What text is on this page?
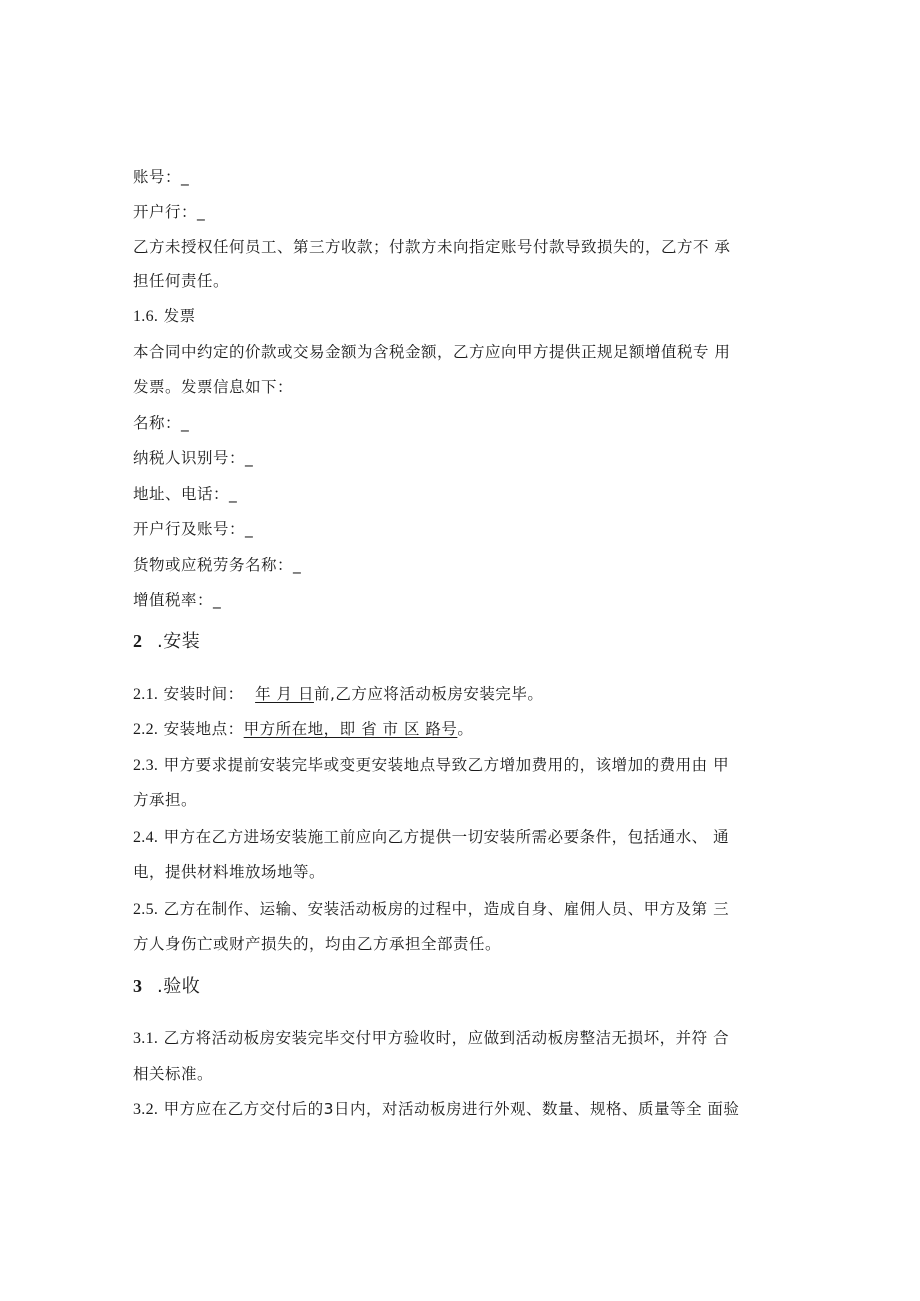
账号：_
开户行：_
乙方未授权任何员工、第三方收款；付款方未向指定账号付款导致损失的，乙方不 承
担任何责任。
1.6. 发票
本合同中约定的价款或交易金额为含税金额，乙方应向甲方提供正规足额增值税专 用
发票。发票信息如下：
名称：_
纳税人识别号：_
地址、电话：_
开户行及账号：_
货物或应税劳务名称：_
增值税率：_
2 .安装
2.1. 安装时间： 年 月 日前,乙方应将活动板房安装完毕。
2.2. 安装地点：甲方所在地，即 省 市 区 路号。
2.3. 甲方要求提前安装完毕或变更安装地点导致乙方增加费用的，该增加的费用由 甲
方承担。
2.4. 甲方在乙方进场安装施工前应向乙方提供一切安装所需必要条件，包括通水、 通
电，提供材料堆放场地等。
2.5. 乙方在制作、运输、安装活动板房的过程中，造成自身、雇佣人员、甲方及第 三
方人身伤亡或财产损失的，均由乙方承担全部责任。
3 .验收
3.1. 乙方将活动板房安装完毕交付甲方验收时，应做到活动板房整洁无损坏，并符 合
相关标准。
3.2. 甲方应在乙方交付后的3日内，对活动板房进行外观、数量、规格、质量等全 面验
